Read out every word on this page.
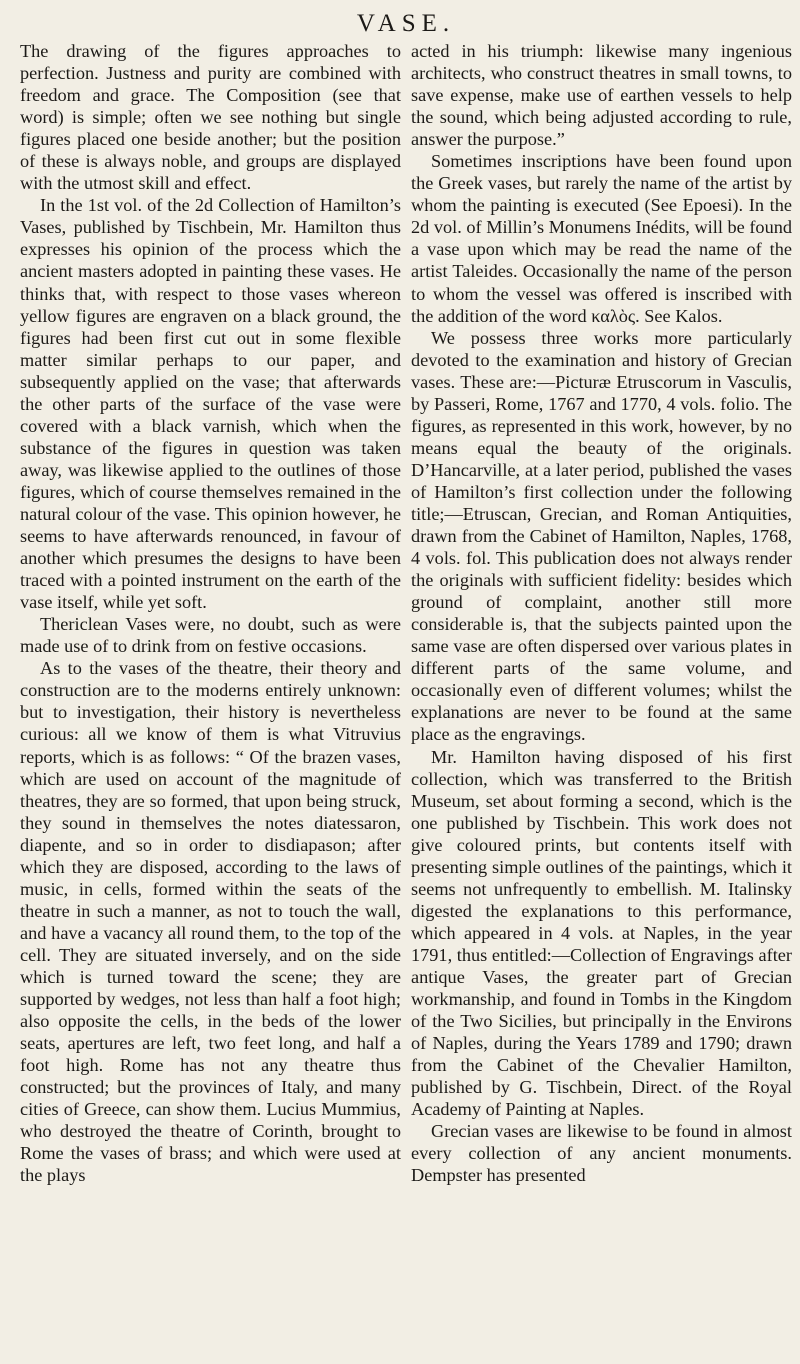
VASE.

The drawing of the figures approaches to perfection. Justness and purity are combined with freedom and grace. The Composition (see that word) is simple; often we see nothing but single figures placed one beside another; but the position of these is always noble, and groups are displayed with the utmost skill and effect.

In the 1st vol. of the 2d Collection of Hamilton’s Vases, published by Tischbein, Mr. Hamilton thus expresses his opinion of the process which the ancient masters adopted in painting these vases. He thinks that, with respect to those vases whereon yellow figures are engraven on a black ground, the figures had been first cut out in some flexible matter similar perhaps to our paper, and subsequently applied on the vase; that afterwards the other parts of the surface of the vase were covered with a black varnish, which when the substance of the figures in question was taken away, was likewise applied to the outlines of those figures, which of course themselves remained in the natural colour of the vase. This opinion however, he seems to have afterwards renounced, in favour of another which presumes the designs to have been traced with a pointed instrument on the earth of the vase itself, while yet soft.

Thericlean Vases were, no doubt, such as were made use of to drink from on festive occasions.

As to the vases of the theatre, their theory and construction are to the moderns entirely unknown: but to investigation, their history is nevertheless curious: all we know of them is what Vitruvius reports, which is as follows: “ Of the brazen vases, which are used on account of the magnitude of theatres, they are so formed, that upon being struck, they sound in themselves the notes diatessaron, diapente, and so in order to disdiapason; after which they are disposed, according to the laws of music, in cells, formed within the seats of the theatre in such a manner, as not to touch the wall, and have a vacancy all round them, to the top of the cell. They are situated inversely, and on the side which is turned toward the scene; they are supported by wedges, not less than half a foot high; also opposite the cells, in the beds of the lower seats, apertures are left, two feet long, and half a foot high. Rome has not any theatre thus constructed; but the provinces of Italy, and many cities of Greece, can show them. Lucius Mummius, who destroyed the theatre of Corinth, brought to Rome the vases of brass; and which were used at the plays

acted in his triumph: likewise many ingenious architects, who construct theatres in small towns, to save expense, make use of earthen vessels to help the sound, which being adjusted according to rule, answer the purpose.”

Sometimes inscriptions have been found upon the Greek vases, but rarely the name of the artist by whom the painting is executed (See Epoesi). In the 2d vol. of Millin’s Monumens Inédits, will be found a vase upon which may be read the name of the artist Taleides. Occasionally the name of the person to whom the vessel was offered is inscribed with the addition of the word καλὸς. See Kalos.

We possess three works more particularly devoted to the examination and history of Grecian vases. These are:—Picturæ Etruscorum in Vasculis, by Passeri, Rome, 1767 and 1770, 4 vols. folio. The figures, as represented in this work, however, by no means equal the beauty of the originals. D’Hancarville, at a later period, published the vases of Hamilton’s first collection under the following title;—Etruscan, Grecian, and Roman Antiquities, drawn from the Cabinet of Hamilton, Naples, 1768, 4 vols. fol. This publication does not always render the originals with sufficient fidelity: besides which ground of complaint, another still more considerable is, that the subjects painted upon the same vase are often dispersed over various plates in different parts of the same volume, and occasionally even of different volumes; whilst the explanations are never to be found at the same place as the engravings.

Mr. Hamilton having disposed of his first collection, which was transferred to the British Museum, set about forming a second, which is the one published by Tischbein. This work does not give coloured prints, but contents itself with presenting simple outlines of the paintings, which it seems not unfrequently to embellish. M. Italinsky digested the explanations to this performance, which appeared in 4 vols. at Naples, in the year 1791, thus entitled:—Collection of Engravings after antique Vases, the greater part of Grecian workmanship, and found in Tombs in the Kingdom of the Two Sicilies, but principally in the Environs of Naples, during the Years 1789 and 1790; drawn from the Cabinet of the Chevalier Hamilton, published by G. Tischbein, Direct. of the Royal Academy of Painting at Naples.

Grecian vases are likewise to be found in almost every collection of any ancient monuments. Dempster has presented
